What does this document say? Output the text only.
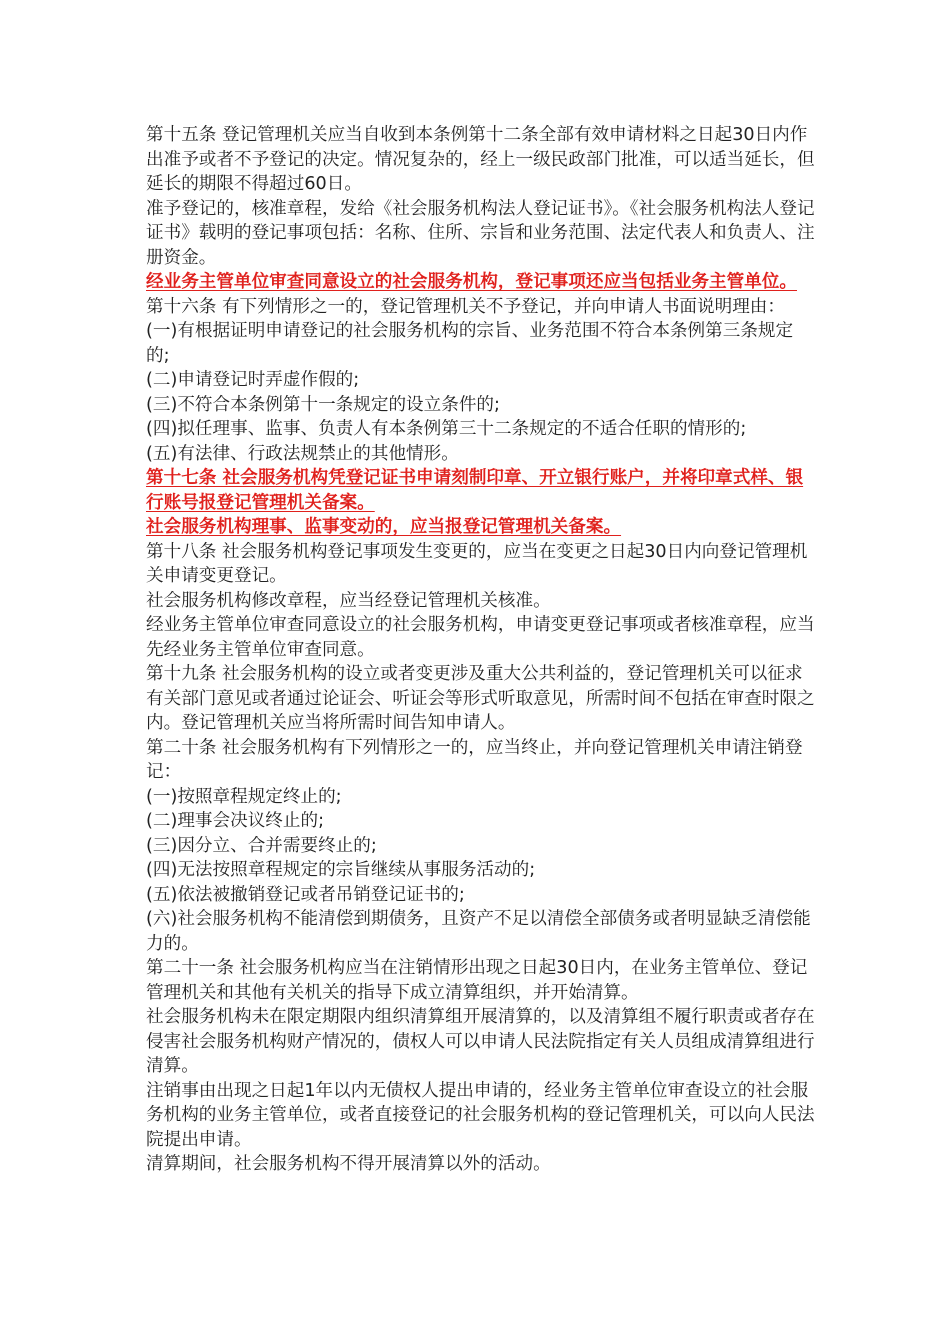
第十五条 登记管理机关应当自收到本条例第十二条全部有效申请材料之日起30日内作出准予或者不予登记的决定。情况复杂的，经上一级民政部门批准，可以适当延长，但延长的期限不得超过60日。

准予登记的，核准章程，发给《社会服务机构法人登记证书》。《社会服务机构法人登记证书》载明的登记事项包括：名称、住所、宗旨和业务范围、法定代表人和负责人、注册资金。

经业务主管单位审查同意设立的社会服务机构，登记事项还应当包括业务主管单位。

第十六条 有下列情形之一的，登记管理机关不予登记，并向申请人书面说明理由：

(一)有根据证明申请登记的社会服务机构的宗旨、业务范围不符合本条例第三条规定的;

(二)申请登记时弄虚作假的;

(三)不符合本条例第十一条规定的设立条件的;

(四)拟任理事、监事、负责人有本条例第三十二条规定的不适合任职的情形的;

(五)有法律、行政法规禁止的其他情形。

第十七条 社会服务机构凭登记证书申请刻制印章、开立银行账户，并将印章式样、银行账号报登记管理机关备案。

社会服务机构理事、监事变动的，应当报登记管理机关备案。

第十八条 社会服务机构登记事项发生变更的，应当在变更之日起30日内向登记管理机关申请变更登记。

社会服务机构修改章程，应当经登记管理机关核准。

经业务主管单位审查同意设立的社会服务机构，申请变更登记事项或者核准章程，应当先经业务主管单位审查同意。

第十九条 社会服务机构的设立或者变更涉及重大公共利益的，登记管理机关可以征求有关部门意见或者通过论证会、听证会等形式听取意见，所需时间不包括在审查时限之内。登记管理机关应当将所需时间告知申请人。

第二十条 社会服务机构有下列情形之一的，应当终止，并向登记管理机关申请注销登记：

(一)按照章程规定终止的;

(二)理事会决议终止的;

(三)因分立、合并需要终止的;

(四)无法按照章程规定的宗旨继续从事服务活动的;

(五)依法被撤销登记或者吊销登记证书的;

(六)社会服务机构不能清偿到期债务，且资产不足以清偿全部债务或者明显缺乏清偿能力的。

第二十一条 社会服务机构应当在注销情形出现之日起30日内，在业务主管单位、登记管理机关和其他有关机关的指导下成立清算组织，并开始清算。

社会服务机构未在限定期限内组织清算组开展清算的，以及清算组不履行职责或者存在侵害社会服务机构财产情况的，债权人可以申请人民法院指定有关人员组成清算组进行清算。

注销事由出现之日起1年以内无债权人提出申请的，经业务主管单位审查设立的社会服务机构的业务主管单位，或者直接登记的社会服务机构的登记管理机关，可以向人民法院提出申请。

清算期间，社会服务机构不得开展清算以外的活动。
